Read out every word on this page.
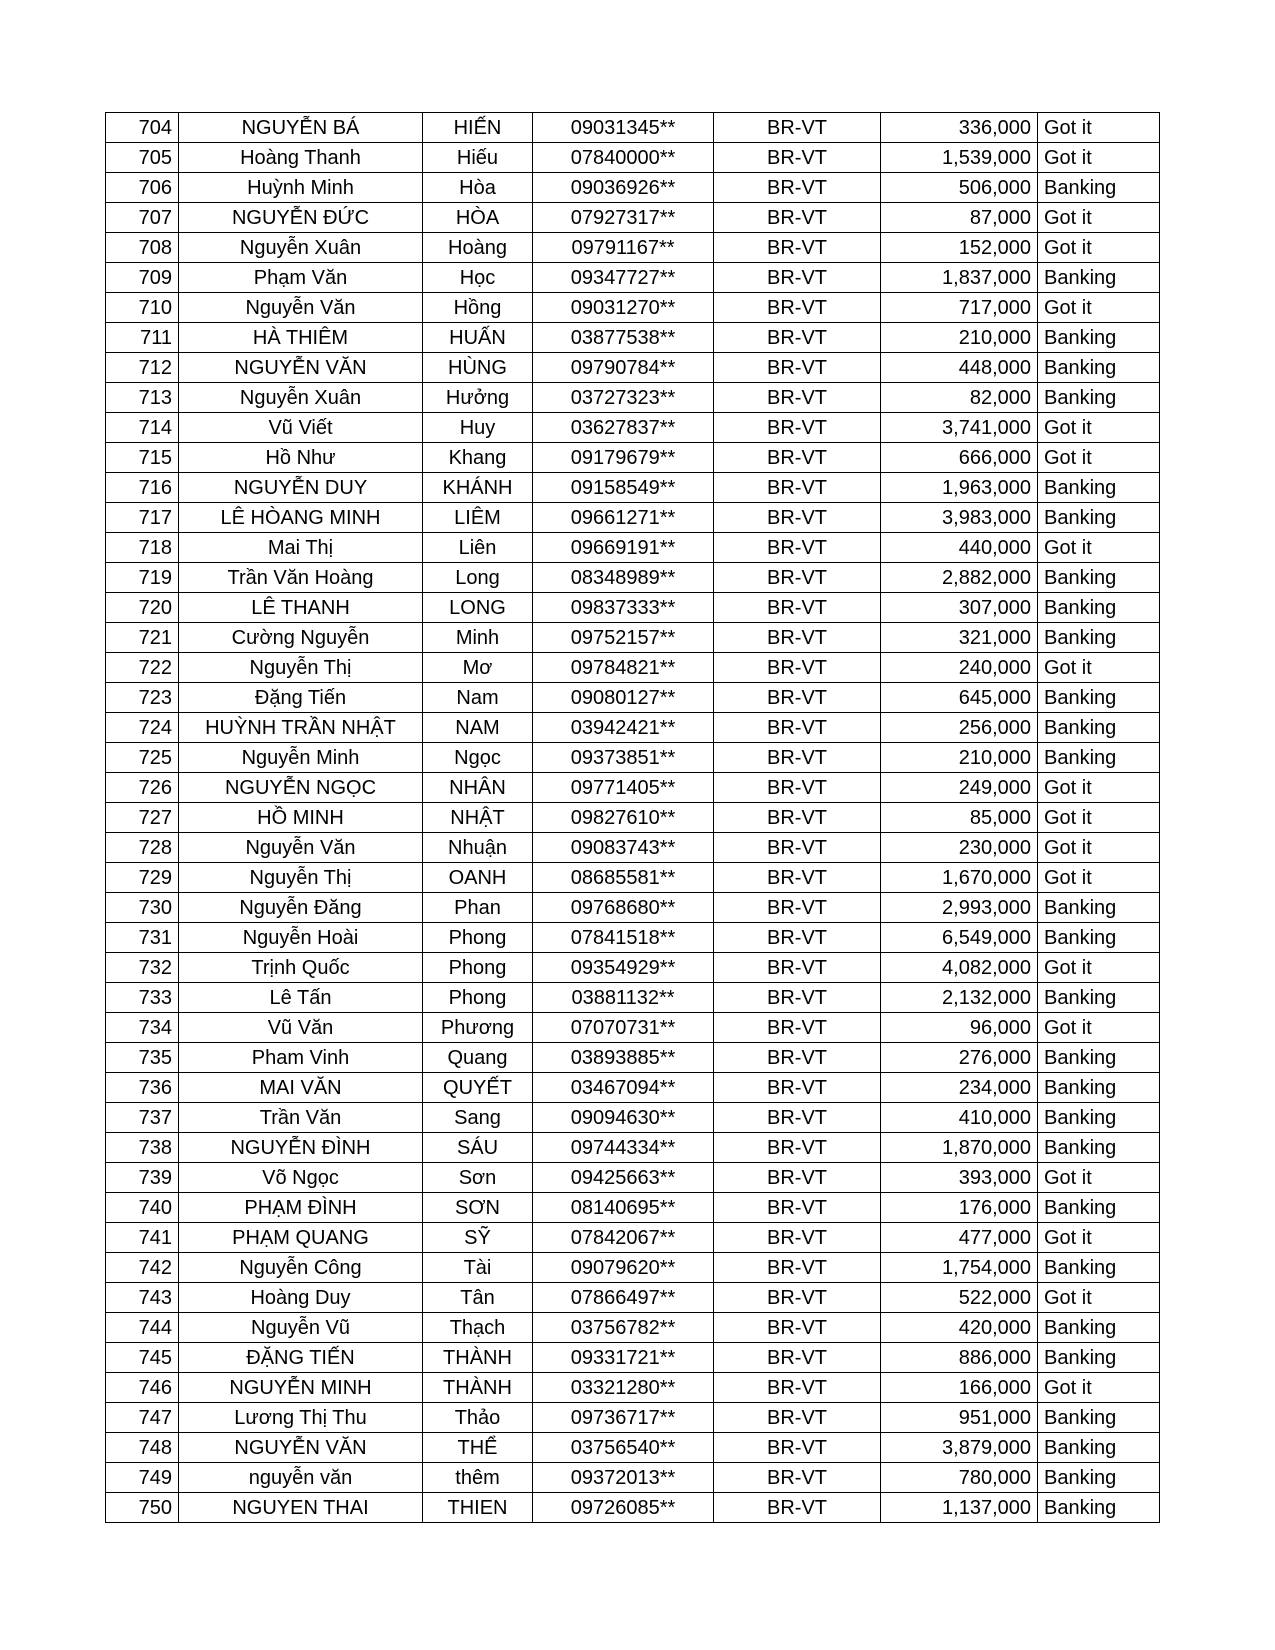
704	NGUYỄN BÁ	HIẾN	09031345**	BR-VT	336,000	Got it
705	Hoàng Thanh	Hiếu	07840000**	BR-VT	1,539,000	Got it
706	Huỳnh Minh	Hòa	09036926**	BR-VT	506,000	Banking
707	NGUYỄN ĐỨC	HÒA	07927317**	BR-VT	87,000	Got it
708	Nguyễn Xuân	Hoàng	09791167**	BR-VT	152,000	Got it
709	Phạm Văn	Học	09347727**	BR-VT	1,837,000	Banking
710	Nguyễn Văn	Hồng	09031270**	BR-VT	717,000	Got it
711	HÀ THIÊM	HUẤN	03877538**	BR-VT	210,000	Banking
712	NGUYỄN VĂN	HÙNG	09790784**	BR-VT	448,000	Banking
713	Nguyễn Xuân	Hưởng	03727323**	BR-VT	82,000	Banking
714	Vũ Viết	Huy	03627837**	BR-VT	3,741,000	Got it
715	Hồ Như	Khang	09179679**	BR-VT	666,000	Got it
716	NGUYỄN DUY	KHÁNH	09158549**	BR-VT	1,963,000	Banking
717	LÊ HÒANG MINH	LIÊM	09661271**	BR-VT	3,983,000	Banking
718	Mai Thị	Liên	09669191**	BR-VT	440,000	Got it
719	Trần Văn Hoàng	Long	08348989**	BR-VT	2,882,000	Banking
720	LÊ THANH	LONG	09837333**	BR-VT	307,000	Banking
721	Cường Nguyễn	Minh	09752157**	BR-VT	321,000	Banking
722	Nguyễn Thị	Mơ	09784821**	BR-VT	240,000	Got it
723	Đặng Tiến	Nam	09080127**	BR-VT	645,000	Banking
724	HUỲNH TRẦN NHẬT	NAM	03942421**	BR-VT	256,000	Banking
725	Nguyễn Minh	Ngọc	09373851**	BR-VT	210,000	Banking
726	NGUYỄN NGỌC	NHÂN	09771405**	BR-VT	249,000	Got it
727	HỒ MINH	NHẬT	09827610**	BR-VT	85,000	Got it
728	Nguyễn Văn	Nhuận	09083743**	BR-VT	230,000	Got it
729	Nguyễn Thị	OANH	08685581**	BR-VT	1,670,000	Got it
730	Nguyễn Đăng	Phan	09768680**	BR-VT	2,993,000	Banking
731	Nguyễn Hoài	Phong	07841518**	BR-VT	6,549,000	Banking
732	Trịnh Quốc	Phong	09354929**	BR-VT	4,082,000	Got it
733	Lê Tấn	Phong	03881132**	BR-VT	2,132,000	Banking
734	Vũ Văn	Phương	07070731**	BR-VT	96,000	Got it
735	Pham Vinh	Quang	03893885**	BR-VT	276,000	Banking
736	MAI VĂN	QUYẾT	03467094**	BR-VT	234,000	Banking
737	Trần Văn	Sang	09094630**	BR-VT	410,000	Banking
738	NGUYỄN ĐÌNH	SÁU	09744334**	BR-VT	1,870,000	Banking
739	Võ Ngọc	Sơn	09425663**	BR-VT	393,000	Got it
740	PHẠM ĐÌNH	SƠN	08140695**	BR-VT	176,000	Banking
741	PHẠM QUANG	SỸ	07842067**	BR-VT	477,000	Got it
742	Nguyễn Công	Tài	09079620**	BR-VT	1,754,000	Banking
743	Hoàng Duy	Tân	07866497**	BR-VT	522,000	Got it
744	Nguyễn Vũ	Thạch	03756782**	BR-VT	420,000	Banking
745	ĐẶNG TIẾN	THÀNH	09331721**	BR-VT	886,000	Banking
746	NGUYỄN MINH	THÀNH	03321280**	BR-VT	166,000	Got it
747	Lương Thị Thu	Thảo	09736717**	BR-VT	951,000	Banking
748	NGUYỄN VĂN	THỂ	03756540**	BR-VT	3,879,000	Banking
749	nguyễn văn	thêm	09372013**	BR-VT	780,000	Banking
750	NGUYEN THAI	THIEN	09726085**	BR-VT	1,137,000	Banking
